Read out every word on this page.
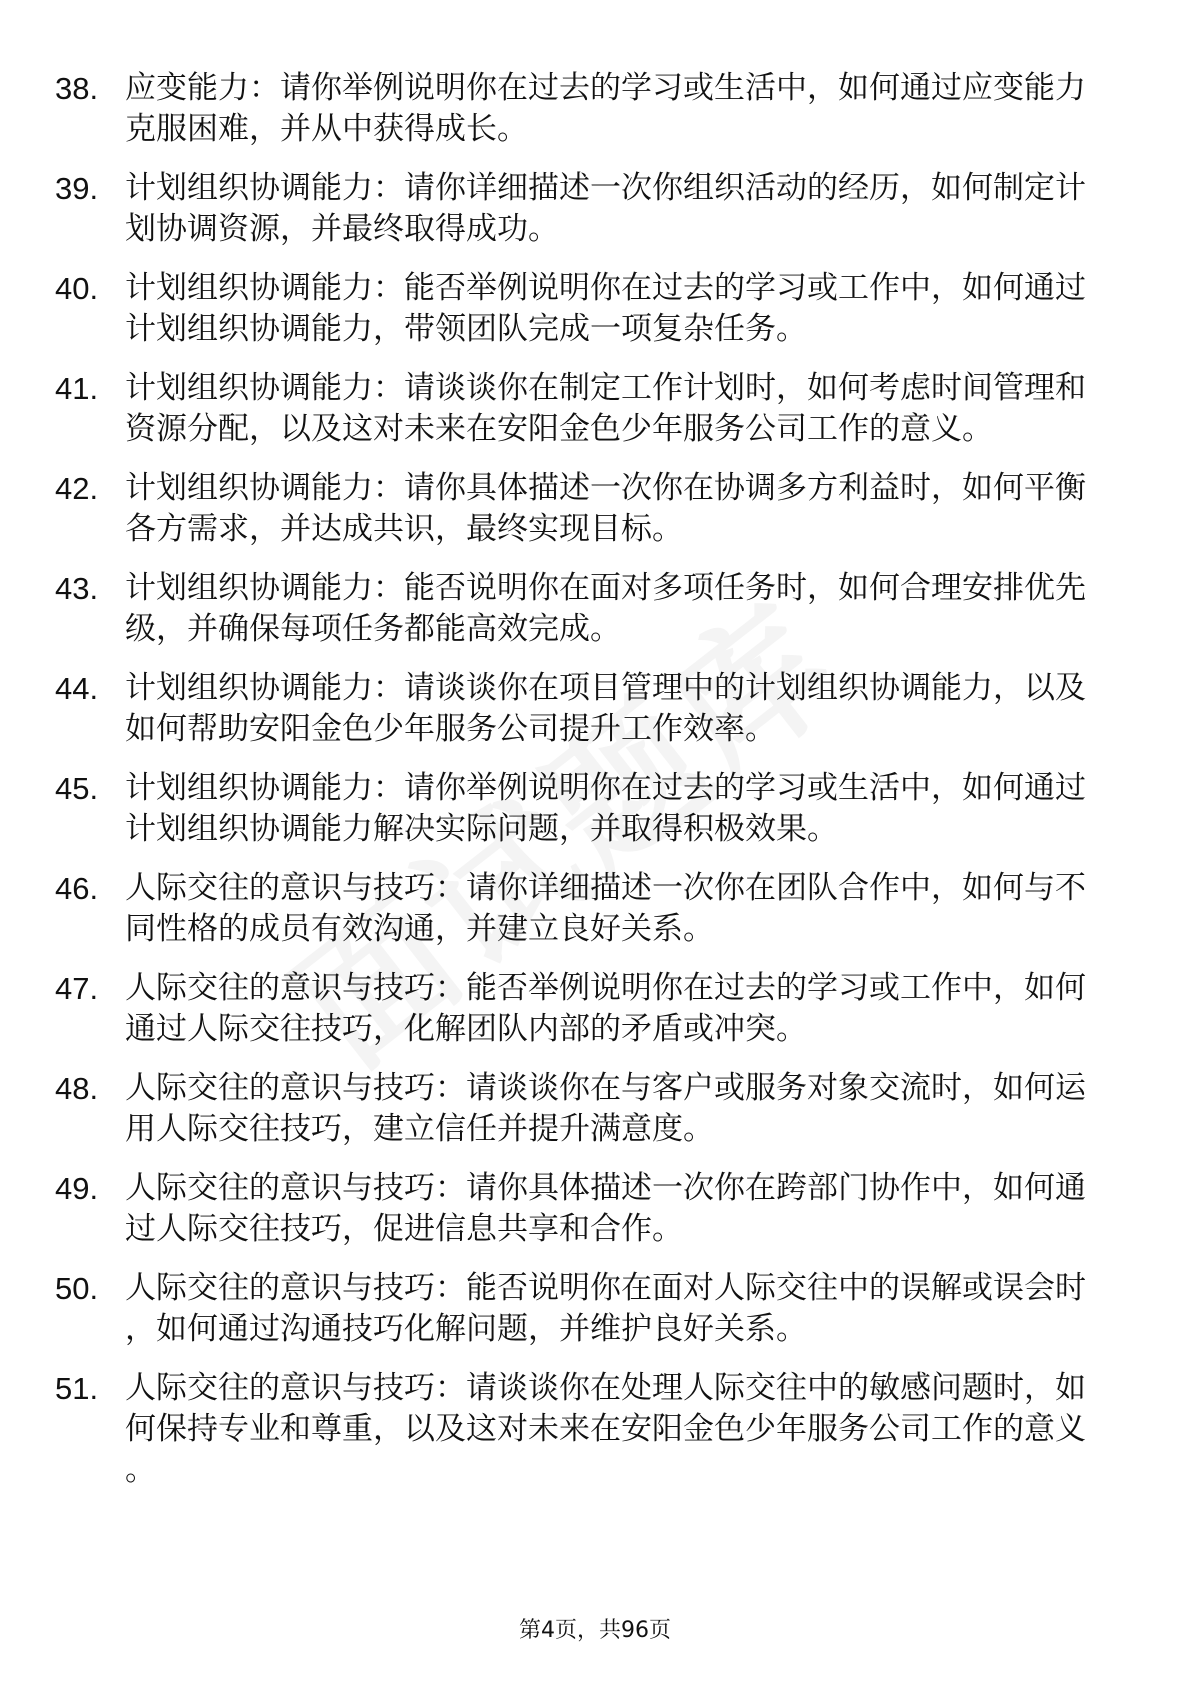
38. 应变能力：请你举例说明你在过去的学习或生活中，如何通过应变能力克服困难，并从中获得成长。
39. 计划组织协调能力：请你详细描述一次你组织活动的经历，如何制定计划协调资源，并最终取得成功。
40. 计划组织协调能力：能否举例说明你在过去的学习或工作中，如何通过计划组织协调能力，带领团队完成一项复杂任务。
41. 计划组织协调能力：请谈谈你在制定工作计划时，如何考虑时间管理和资源分配，以及这对未来在安阳金色少年服务公司工作的意义。
42. 计划组织协调能力：请你具体描述一次你在协调多方利益时，如何平衡各方需求，并达成共识，最终实现目标。
43. 计划组织协调能力：能否说明你在面对多项任务时，如何合理安排优先级，并确保每项任务都能高效完成。
44. 计划组织协调能力：请谈谈你在项目管理中的计划组织协调能力，以及如何帮助安阳金色少年服务公司提升工作效率。
45. 计划组织协调能力：请你举例说明你在过去的学习或生活中，如何通过计划组织协调能力解决实际问题，并取得积极效果。
46. 人际交往的意识与技巧：请你详细描述一次你在团队合作中，如何与不同性格的成员有效沟通，并建立良好关系。
47. 人际交往的意识与技巧：能否举例说明你在过去的学习或工作中，如何通过人际交往技巧，化解团队内部的矛盾或冲突。
48. 人际交往的意识与技巧：请谈谈你在与客户或服务对象交流时，如何运用人际交往技巧，建立信任并提升满意度。
49. 人际交往的意识与技巧：请你具体描述一次你在跨部门协作中，如何通过人际交往技巧，促进信息共享和合作。
50. 人际交往的意识与技巧：能否说明你在面对人际交往中的误解或误会时，如何通过沟通技巧化解问题，并维护良好关系。
51. 人际交往的意识与技巧：请谈谈你在处理人际交往中的敏感问题时，如何保持专业和尊重，以及这对未来在安阳金色少年服务公司工作的意义。
第4页，共96页
